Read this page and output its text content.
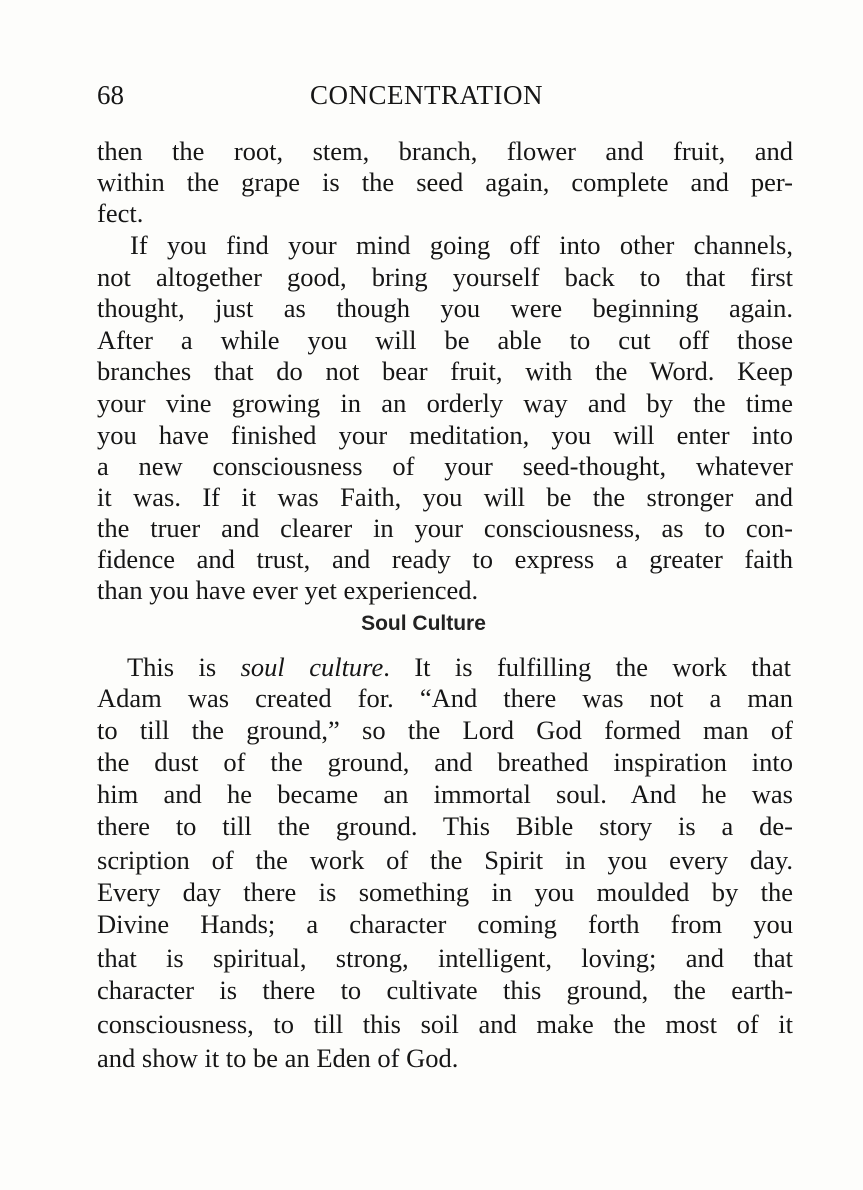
68	CONCENTRATION
then the root, stem, branch, flower and fruit, and
within the grape is the seed again, complete and per-
fect.
If you find your mind going off into other channels,
not altogether good, bring yourself back to that first
thought, just as though you were beginning again.
After a while you will be able to cut off those
branches that do not bear fruit, with the Word. Keep
your vine growing in an orderly way and by the time
you have finished your meditation, you will enter into
a new consciousness of your seed-thought, whatever
it was. If it was Faith, you will be the stronger and
the truer and clearer in your consciousness, as to con-
fidence and trust, and ready to express a greater faith
than you have ever yet experienced.
This is soul culture. It is fulfilling the work that
Adam was created for. “And there was not a man
to till the ground,” so the Lord God formed man of
the dust of the ground, and breathed inspiration into
him and he became an immortal soul. And he was
there to till the ground. This Bible story is a de-
scription of the work of the Spirit in you every day.
Every day there is something in you moulded by the
Divine Hands; a character coming forth from you
that is spiritual, strong, intelligent, loving; and that
character is there to cultivate this ground, the earth-
consciousness, to till this soil and make the most of it
and show it to be an Eden of God.
Soul Culture
